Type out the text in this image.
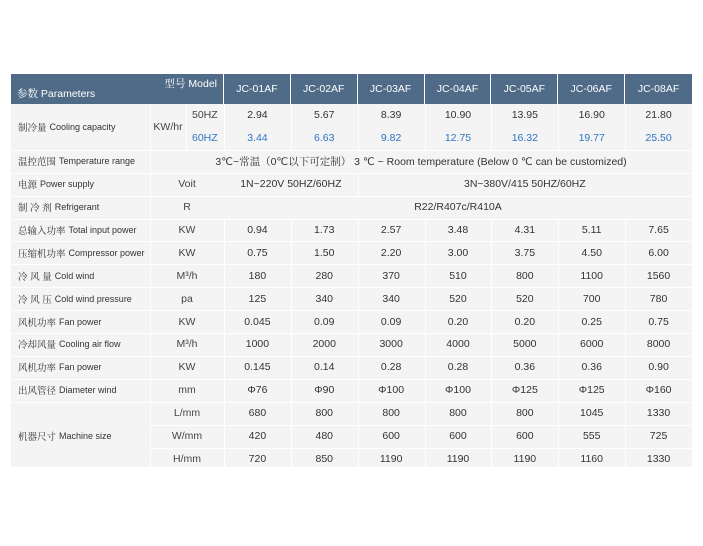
型号 Model
参数 Parameters	JC-01AF	JC-02AF	JC-03AF	JC-04AF	JC-05AF	JC-06AF	JC-08AF
制冷量 Cooling capacity	KW/hr
50HZ	2.94	5.67	8.39	10.90	13.95	16.90	21.80
60HZ	3.44	6.63	9.82	12.75	16.32	19.77	25.50
温控范围 Temperature range	3℃~常温（0℃以下可定制） 3 ℃ ~ Room temperature (Below 0 ℃ can be customized)
电源 Power supply	Voit	1N~220V 50HZ/60HZ	3N~380V/415 50HZ/60HZ
制 冷 剂 Refrigerant	R	R22/R407c/R410A
总输入功率 Total input power	KW	0.94	1.73	2.57	3.48	4.31	5.11	7.65
压缩机功率 Compressor power	KW	0.75	1.50	2.20	3.00	3.75	4.50	6.00
冷 风 量 Cold wind	M³/h	180	280	370	510	800	1100	1560
冷 风 压 Cold wind pressure	pa	125	340	340	520	520	700	780
风机功率 Fan power	KW	0.045	0.09	0.09	0.20	0.20	0.25	0.75
冷却风量 Cooling air flow	M³/h	1000	2000	3000	4000	5000	6000	8000
风机功率 Fan power	KW	0.145	0.14	0.28	0.28	0.36	0.36	0.90
出风管径 Diameter wind	mm	Φ76	Φ90	Φ100	Φ100	Φ125	Φ125	Φ160
机器尺寸 Machine size
L/mm	680	800	800	800	800	1045	1330
W/mm	420	480	600	600	600	555	725
H/mm	720	850	1190	1190	1190	1160	1330
